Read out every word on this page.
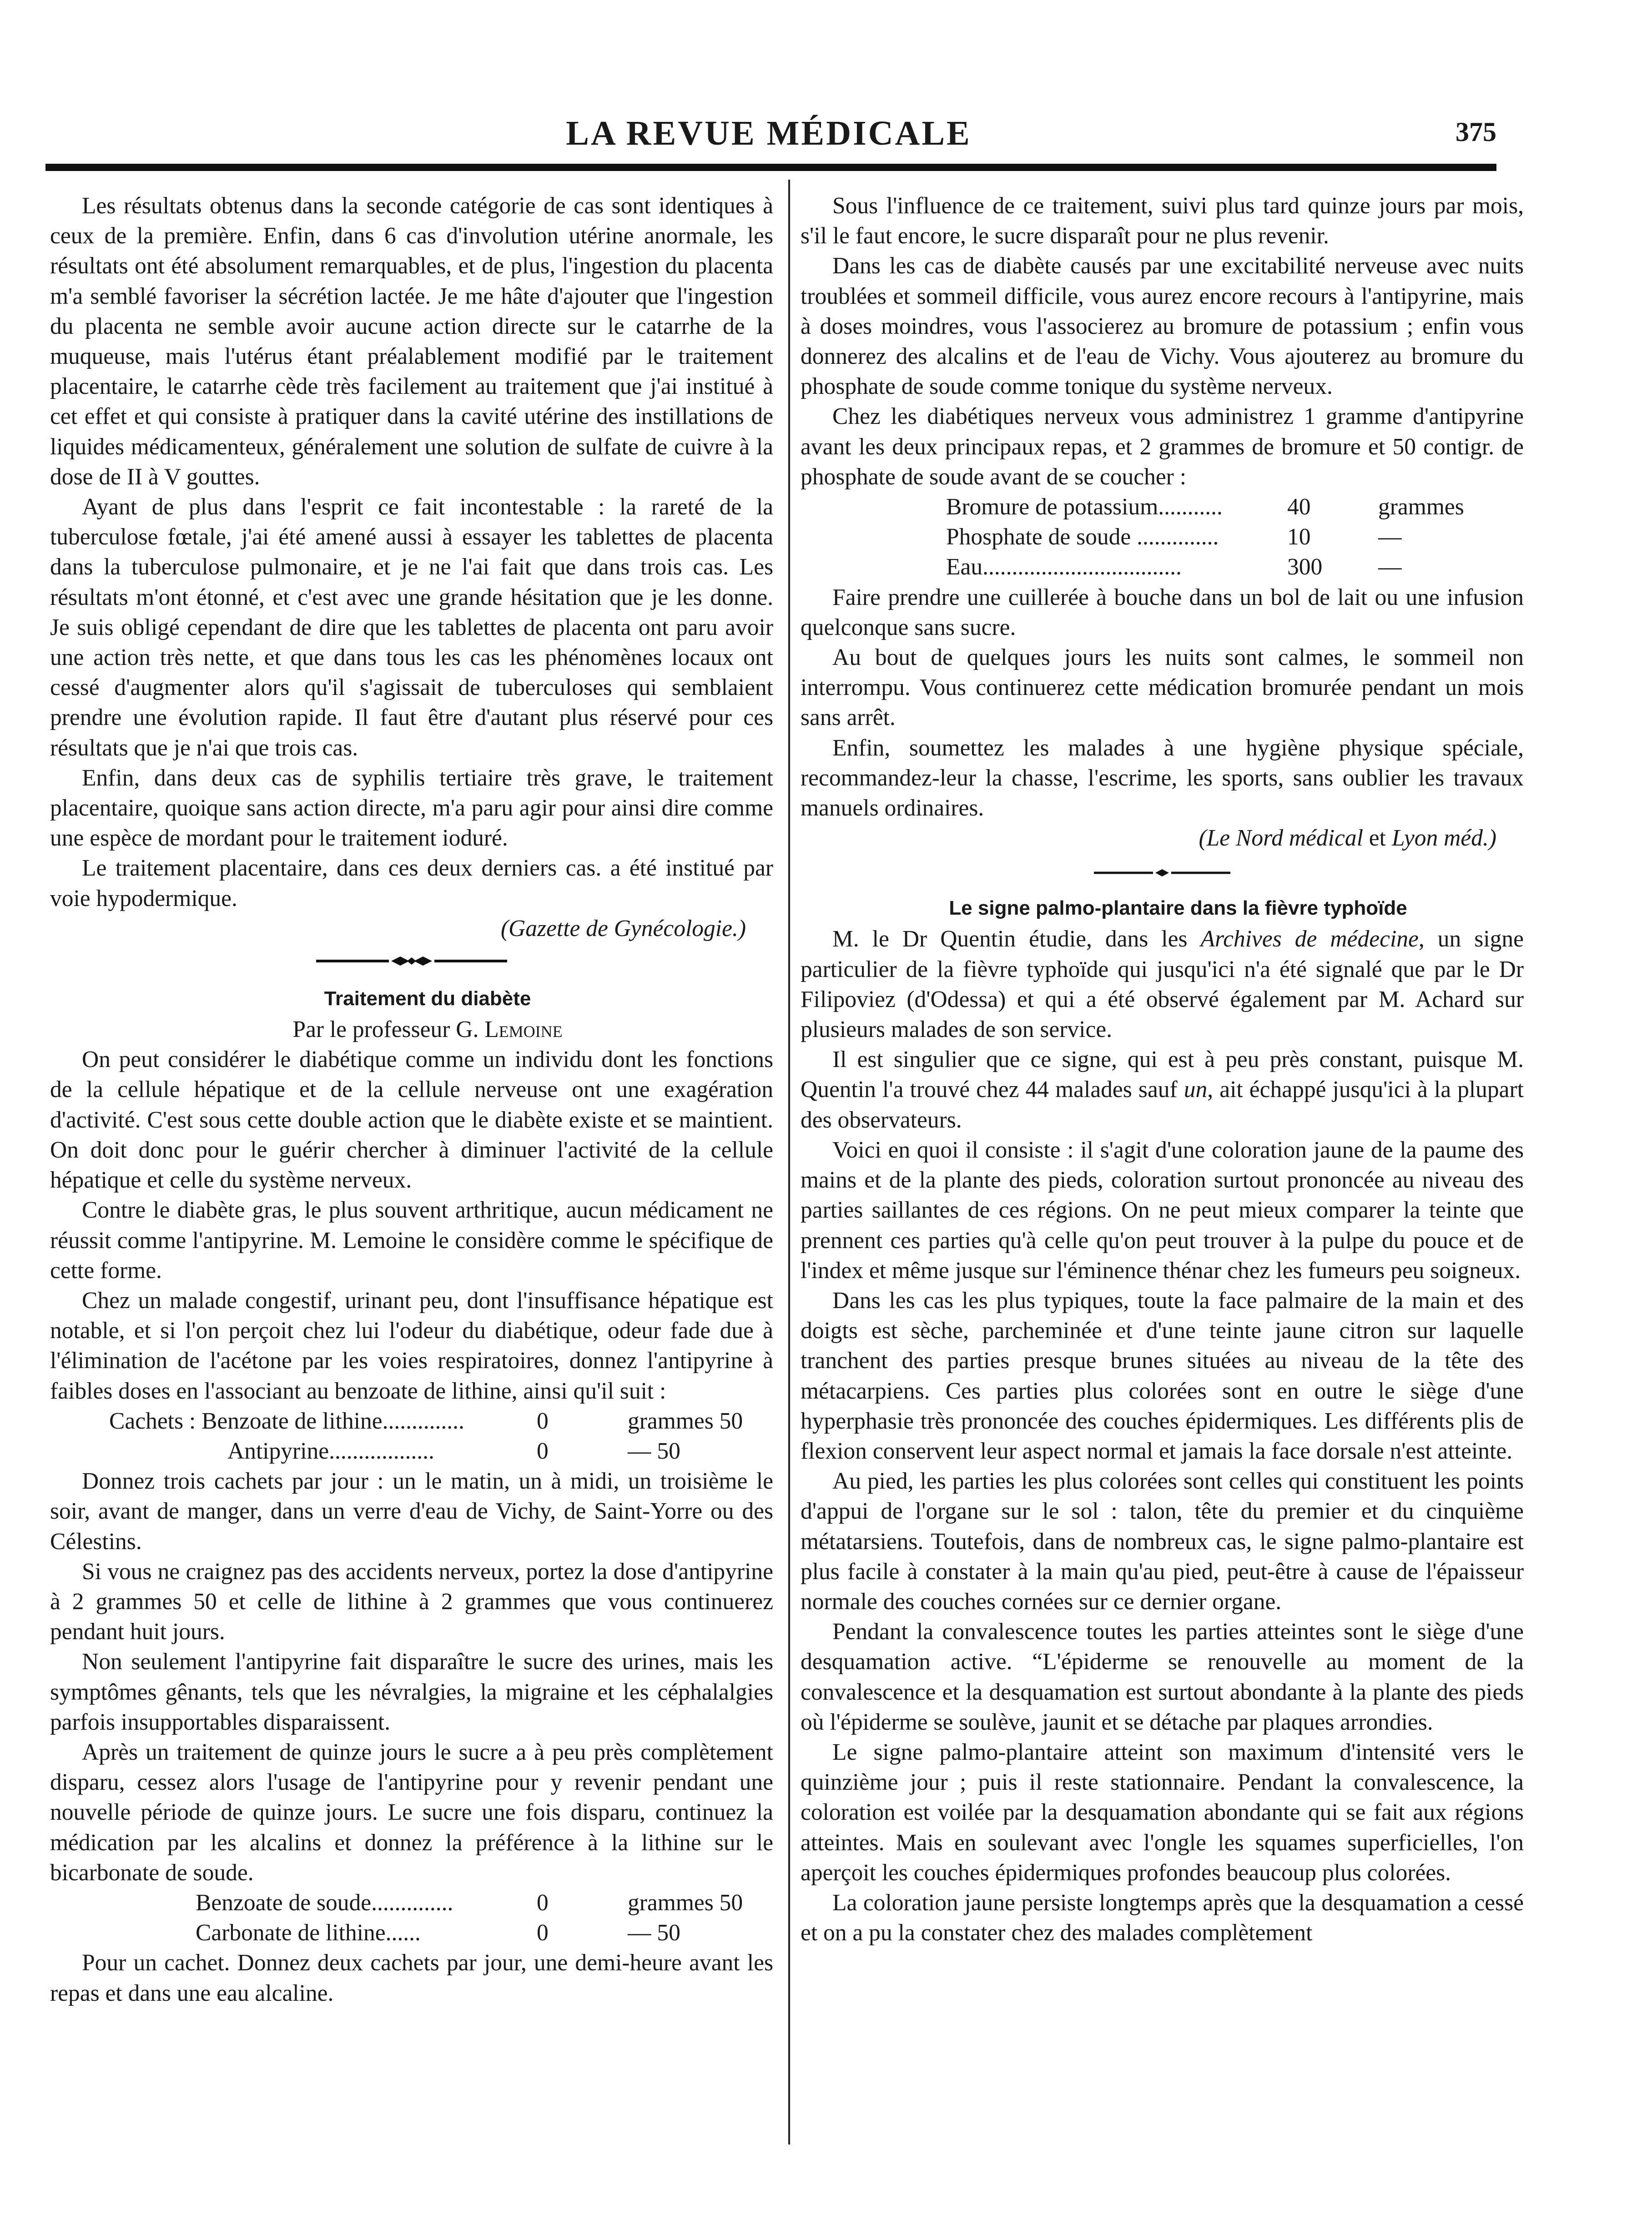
LA REVUE MÉDICALE	375

Les résultats obtenus dans la seconde catégorie de cas sont identiques à ceux de la première. Enfin, dans 6 cas d'involution utérine anormale, les résultats ont été absolument remarquables, et de plus, l'ingestion du placenta m'a semblé favoriser la sécrétion lactée. Je me hâte d'ajouter que l'ingestion du placenta ne semble avoir aucune action directe sur le catarrhe de la muqueuse, mais l'utérus étant préalablement modifié par le traitement placentaire, le catarrhe cède très facilement au traitement que j'ai institué à cet effet et qui consiste à pratiquer dans la cavité utérine des instillations de liquides médicamenteux, généralement une solution de sulfate de cuivre à la dose de II à V gouttes.

Ayant de plus dans l'esprit ce fait incontestable : la rareté de la tuberculose fœtale, j'ai été amené aussi à essayer les tablettes de placenta dans la tuberculose pulmonaire, et je ne l'ai fait que dans trois cas. Les résultats m'ont étonné, et c'est avec une grande hésitation que je les donne. Je suis obligé cependant de dire que les tablettes de placenta ont paru avoir une action très nette, et que dans tous les cas les phénomènes locaux ont cessé d'augmenter alors qu'il s'agissait de tuberculoses qui semblaient prendre une évolution rapide. Il faut être d'autant plus réservé pour ces résultats que je n'ai que trois cas.

Enfin, dans deux cas de syphilis tertiaire très grave, le traitement placentaire, quoique sans action directe, m'a paru agir pour ainsi dire comme une espèce de mordant pour le traitement ioduré.

Le traitement placentaire, dans ces deux derniers cas. a été institué par voie hypodermique.

(Gazette de Gynécologie.)

Traitement du diabète

Par le professeur G. Lemoine

On peut considérer le diabétique comme un individu dont les fonctions de la cellule hépatique et de la cellule nerveuse ont une exagération d'activité. C'est sous cette double action que le diabète existe et se maintient. On doit donc pour le guérir chercher à diminuer l'activité de la cellule hépatique et celle du système nerveux.

Contre le diabète gras, le plus souvent arthritique, aucun médicament ne réussit comme l'antipyrine. M. Lemoine le considère comme le spécifique de cette forme.

Chez un malade congestif, urinant peu, dont l'insuffisance hépatique est notable, et si l'on perçoit chez lui l'odeur du diabétique, odeur fade due à l'élimination de l'acétone par les voies respiratoires, donnez l'antipyrine à faibles doses en l'associant au benzoate de lithine, ainsi qu'il suit :

Cachets : Benzoate de lithine..............	0	grammes 50
Antipyrine..................	0	— 50

Donnez trois cachets par jour : un le matin, un à midi, un troisième le soir, avant de manger, dans un verre d'eau de Vichy, de Saint-Yorre ou des Célestins.

Si vous ne craignez pas des accidents nerveux, portez la dose d'antipyrine à 2 grammes 50 et celle de lithine à 2 grammes que vous continuerez pendant huit jours.

Non seulement l'antipyrine fait disparaître le sucre des urines, mais les symptômes gênants, tels que les névralgies, la migraine et les céphalalgies parfois insupportables disparaissent.

Après un traitement de quinze jours le sucre a à peu près complètement disparu, cessez alors l'usage de l'antipyrine pour y revenir pendant une nouvelle période de quinze jours. Le sucre une fois disparu, continuez la médication par les alcalins et donnez la préférence à la lithine sur le bicarbonate de soude.

Benzoate de soude..............	0	grammes 50
Carbonate de lithine......	0	— 50

Pour un cachet. Donnez deux cachets par jour, une demi-heure avant les repas et dans une eau alcaline.

Sous l'influence de ce traitement, suivi plus tard quinze jours par mois, s'il le faut encore, le sucre disparaît pour ne plus revenir.

Dans les cas de diabète causés par une excitabilité nerveuse avec nuits troublées et sommeil difficile, vous aurez encore recours à l'antipyrine, mais à doses moindres, vous l'associerez au bromure de potassium ; enfin vous donnerez des alcalins et de l'eau de Vichy. Vous ajouterez au bromure du phosphate de soude comme tonique du système nerveux.

Chez les diabétiques nerveux vous administrez 1 gramme d'antipyrine avant les deux principaux repas, et 2 grammes de bromure et 50 contigr. de phosphate de soude avant de se coucher :

Bromure de potassium...........	40	grammes
Phosphate de soude ..............	10	—
Eau..................................	300	—

Faire prendre une cuillerée à bouche dans un bol de lait ou une infusion quelconque sans sucre.

Au bout de quelques jours les nuits sont calmes, le sommeil non interrompu. Vous continuerez cette médication bromurée pendant un mois sans arrêt.

Enfin, soumettez les malades à une hygiène physique spéciale, recommandez-leur la chasse, l'escrime, les sports, sans oublier les travaux manuels ordinaires.

(Le Nord médical et Lyon méd.)

Le signe palmo-plantaire dans la fièvre typhoïde

M. le Dr Quentin étudie, dans les Archives de médecine, un signe particulier de la fièvre typhoïde qui jusqu'ici n'a été signalé que par le Dr Filipoviez (d'Odessa) et qui a été observé également par M. Achard sur plusieurs malades de son service.

Il est singulier que ce signe, qui est à peu près constant, puisque M. Quentin l'a trouvé chez 44 malades sauf un, ait échappé jusqu'ici à la plupart des observateurs.

Voici en quoi il consiste : il s'agit d'une coloration jaune de la paume des mains et de la plante des pieds, coloration surtout prononcée au niveau des parties saillantes de ces régions. On ne peut mieux comparer la teinte que prennent ces parties qu'à celle qu'on peut trouver à la pulpe du pouce et de l'index et même jusque sur l'éminence thénar chez les fumeurs peu soigneux.

Dans les cas les plus typiques, toute la face palmaire de la main et des doigts est sèche, parcheminée et d'une teinte jaune citron sur laquelle tranchent des parties presque brunes situées au niveau de la tête des métacarpiens. Ces parties plus colorées sont en outre le siège d'une hyperphasie très prononcée des couches épidermiques. Les différents plis de flexion conservent leur aspect normal et jamais la face dorsale n'est atteinte.

Au pied, les parties les plus colorées sont celles qui constituent les points d'appui de l'organe sur le sol : talon, tête du premier et du cinquième métatarsiens. Toutefois, dans de nombreux cas, le signe palmo-plantaire est plus facile à constater à la main qu'au pied, peut-être à cause de l'épaisseur normale des couches cornées sur ce dernier organe.

Pendant la convalescence toutes les parties atteintes sont le siège d'une desquamation active. “L'épiderme se renouvelle au moment de la convalescence et la desquamation est surtout abondante à la plante des pieds où l'épiderme se soulève, jaunit et se détache par plaques arrondies.

Le signe palmo-plantaire atteint son maximum d'intensité vers le quinzième jour ; puis il reste stationnaire. Pendant la convalescence, la coloration est voilée par la desquamation abondante qui se fait aux régions atteintes. Mais en soulevant avec l'ongle les squames superficielles, l'on aperçoit les couches épidermiques profondes beaucoup plus colorées.

La coloration jaune persiste longtemps après que la desquamation a cessé et on a pu la constater chez des malades complètement
